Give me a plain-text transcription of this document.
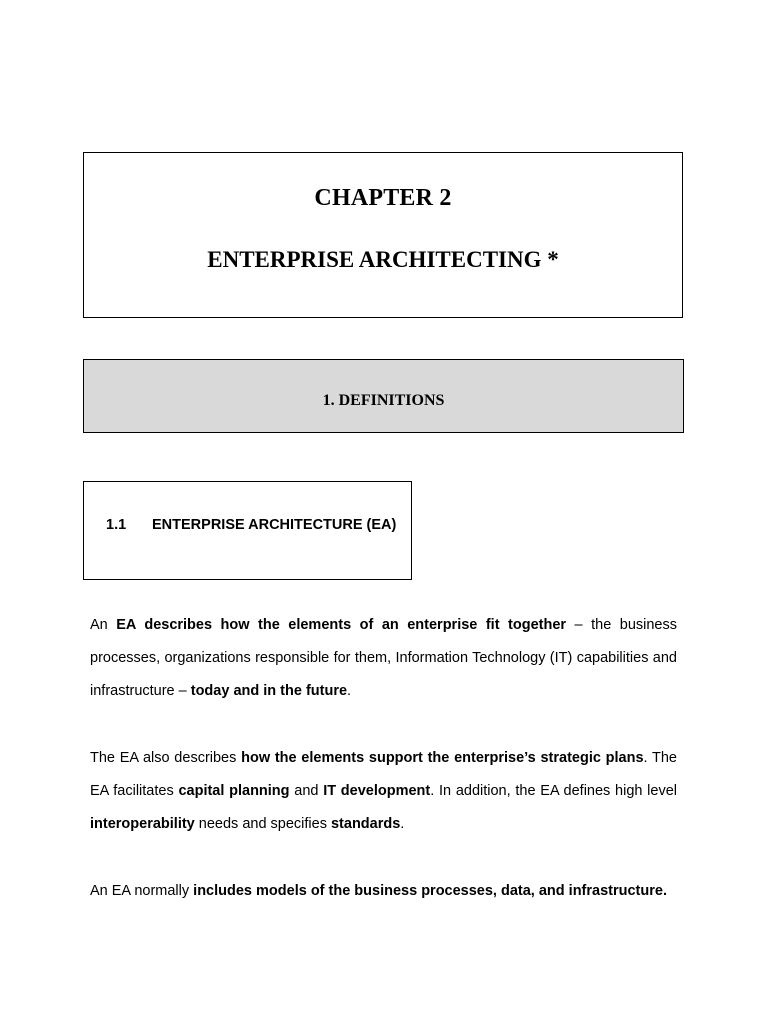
CHAPTER 2
ENTERPRISE ARCHITECTING *
1. DEFINITIONS
1.1 ENTERPRISE ARCHITECTURE (EA)

An EA describes how the elements of an enterprise fit together – the business processes, organizations responsible for them, Information Technology (IT) capabilities and infrastructure – today and in the future.

The EA also describes how the elements support the enterprise’s strategic plans. The EA facilitates capital planning and IT development. In addition, the EA defines high level interoperability needs and specifies standards.

An EA normally includes models of the business processes, data, and infrastructure.
